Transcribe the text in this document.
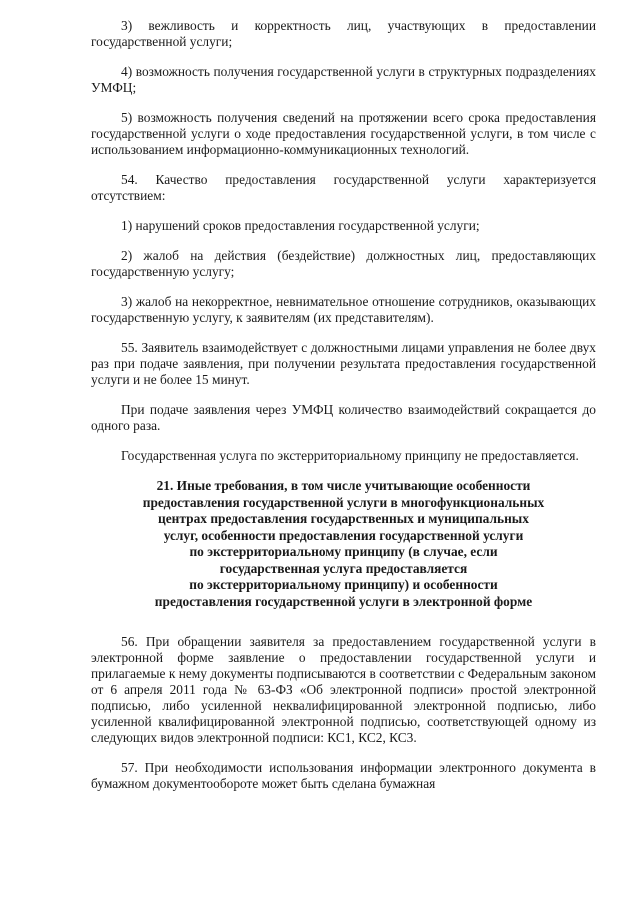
3) вежливость и корректность лиц, участвующих в предоставлении государственной услуги;

4) возможность получения государственной услуги в структурных подразделениях УМФЦ;

5) возможность получения сведений на протяжении всего срока предоставления государственной услуги о ходе предоставления государственной услуги, в том числе с использованием информационно-коммуникационных технологий.

54. Качество предоставления государственной услуги характеризуется отсутствием:

1) нарушений сроков предоставления государственной услуги;

2) жалоб на действия (бездействие) должностных лиц, предоставляющих государственную услугу;

3) жалоб на некорректное, невнимательное отношение сотрудников, оказывающих государственную услугу, к заявителям (их представителям).

55. Заявитель взаимодействует с должностными лицами управления не более двух раз при подаче заявления, при получении результата предоставления государственной услуги и не более 15 минут.

При подаче заявления через УМФЦ количество взаимодействий сокращается до одного раза.

Государственная услуга по экстерриториальному принципу не предоставляется.

21. Иные требования, в том числе учитывающие особенности
предоставления государственной услуги в многофункциональных
центрах предоставления государственных и муниципальных
услуг, особенности предоставления государственной услуги
по экстерриториальному принципу (в случае, если
государственная услуга предоставляется
по экстерриториальному принципу) и особенности
предоставления государственной услуги в электронной форме

56. При обращении заявителя за предоставлением государственной услуги в электронной форме заявление о предоставлении государственной услуги и прилагаемые к нему документы подписываются в соответствии с Федеральным законом от 6 апреля 2011 года № 63-ФЗ «Об электронной подписи» простой электронной подписью, либо усиленной неквалифицированной электронной подписью, либо усиленной квалифицированной электронной подписью, соответствующей одному из следующих видов электронной подписи: КС1, КС2, КС3.

57. При необходимости использования информации электронного документа в бумажном документообороте может быть сделана бумажная
